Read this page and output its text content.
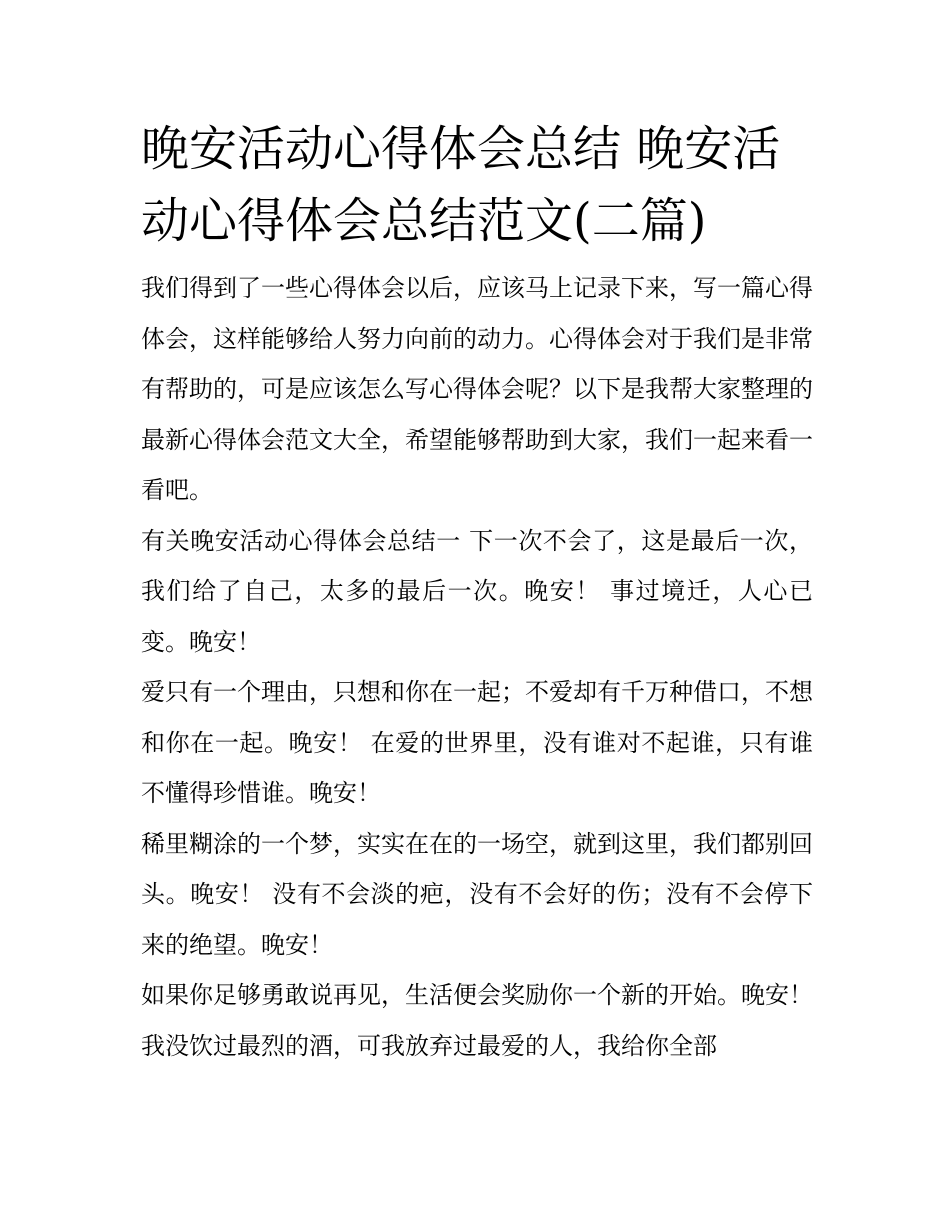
晚安活动心得体会总结 晚安活动心得体会总结范文(二篇)

我们得到了一些心得体会以后，应该马上记录下来，写一篇心得体会，这样能够给人努力向前的动力。心得体会对于我们是非常有帮助的，可是应该怎么写心得体会呢？以下是我帮大家整理的最新心得体会范文大全，希望能够帮助到大家，我们一起来看一看吧。

有关晚安活动心得体会总结一 下一次不会了，这是最后一次，我们给了自己，太多的最后一次。晚安！ 事过境迁，人心已变。晚安！

爱只有一个理由，只想和你在一起；不爱却有千万种借口，不想和你在一起。晚安！ 在爱的世界里，没有谁对不起谁，只有谁不懂得珍惜谁。晚安！

稀里糊涂的一个梦，实实在在的一场空，就到这里，我们都别回头。晚安！ 没有不会淡的疤，没有不会好的伤；没有不会停下来的绝望。晚安！

如果你足够勇敢说再见，生活便会奖励你一个新的开始。晚安！ 我没饮过最烈的酒，可我放弃过最爱的人，我给你全部
